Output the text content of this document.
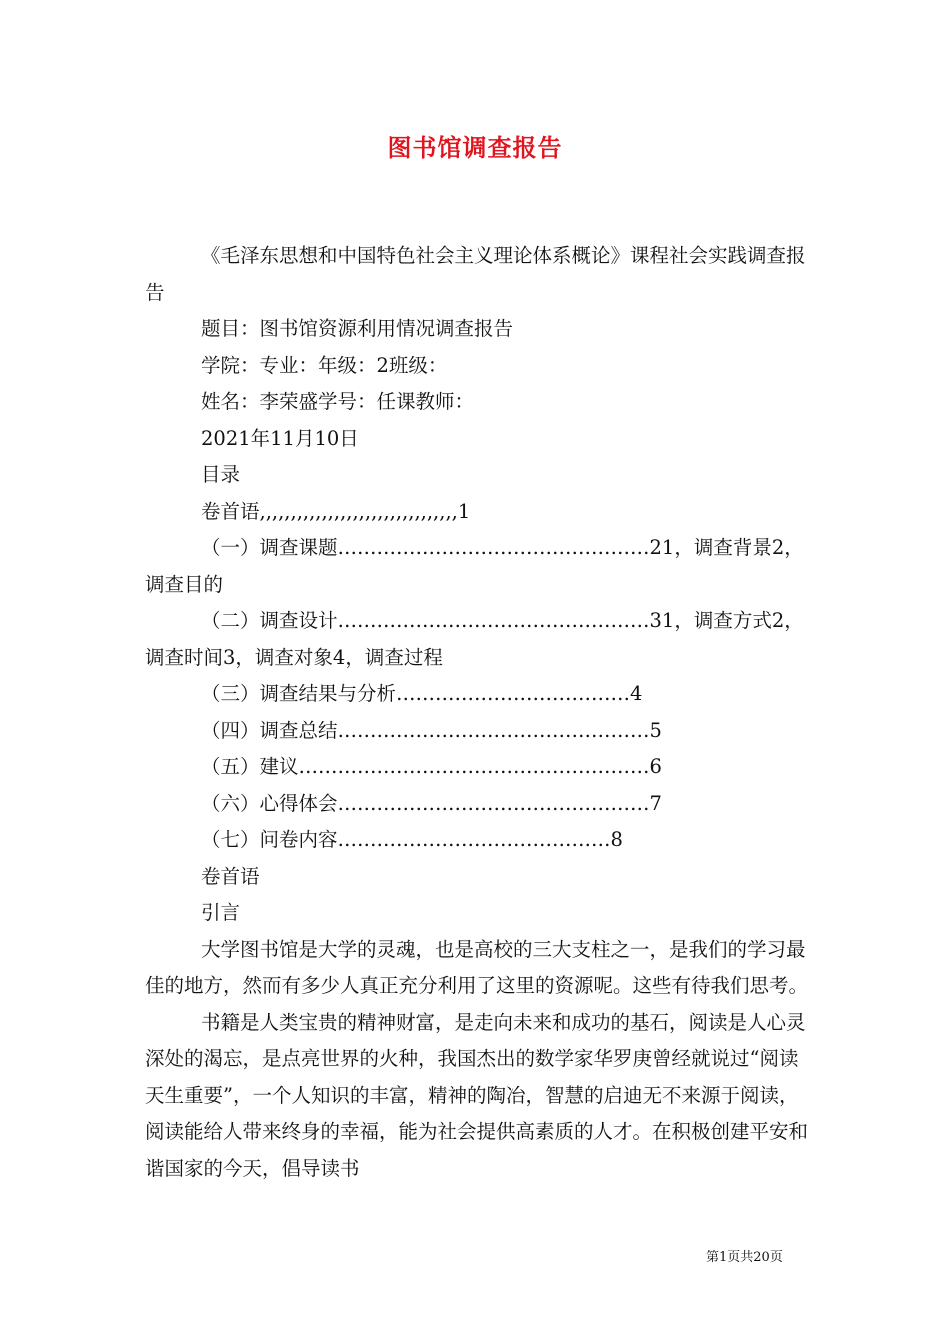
图书馆调查报告

《毛泽东思想和中国特色社会主义理论体系概论》课程社会实践调查报告

题目：图书馆资源利用情况调查报告

学院：专业：年级：2班级：

姓名：李荣盛学号：任课教师：

2021年11月10日

目录

卷首语,,,,,,,,,,,,,,,,,,,,,,,,,,,,,,,,1

（一）调查课题…………………………………………21，调查背景2，调查目的

（二）调查设计…………………………………………31，调查方式2，调查时间3，调查对象4，调查过程

（三）调查结果与分析………………………………4

（四）调查总结…………………………………………5

（五）建议………………………………………………6

（六）心得体会…………………………………………7

（七）问卷内容……………………………………8

卷首语

引言

大学图书馆是大学的灵魂，也是高校的三大支柱之一，是我们的学习最佳的地方，然而有多少人真正充分利用了这里的资源呢。这些有待我们思考。

书籍是人类宝贵的精神财富，是走向未来和成功的基石，阅读是人心灵深处的渴忘，是点亮世界的火种，我国杰出的数学家华罗庚曾经就说过“阅读天生重要”，一个人知识的丰富，精神的陶冶，智慧的启迪无不来源于阅读，阅读能给人带来终身的幸福，能为社会提供高素质的人才。在积极创建平安和谐国家的今天，倡导读书

第1页共20页
